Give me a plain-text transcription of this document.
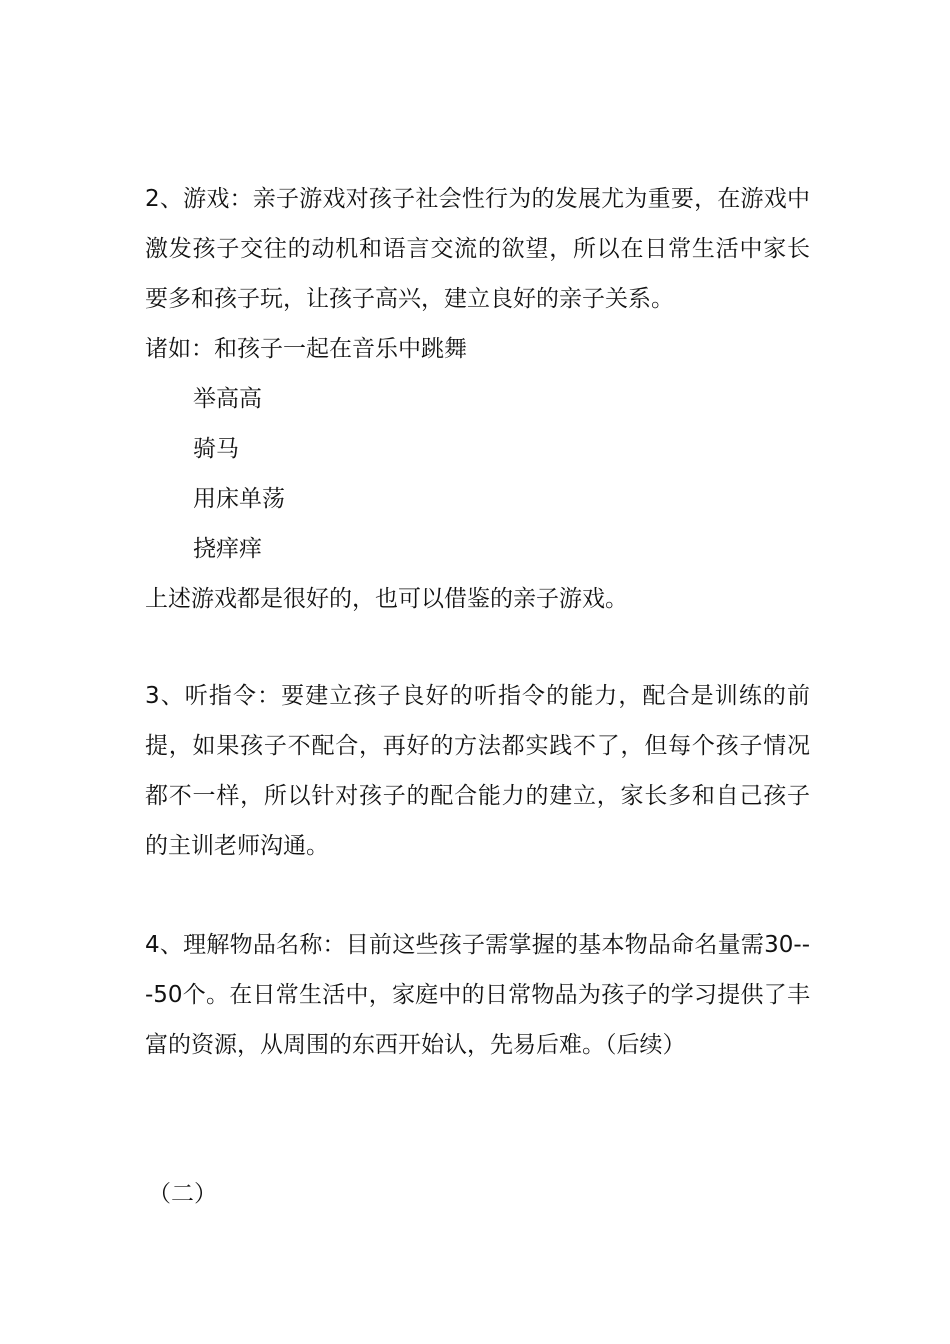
2、游戏：亲子游戏对孩子社会性行为的发展尤为重要，在游戏中激发孩子交往的动机和语言交流的欲望，所以在日常生活中家长要多和孩子玩，让孩子高兴，建立良好的亲子关系。

诸如：和孩子一起在音乐中跳舞

举高高

骑马

用床单荡

挠痒痒

上述游戏都是很好的，也可以借鉴的亲子游戏。

3、听指令：要建立孩子良好的听指令的能力，配合是训练的前提，如果孩子不配合，再好的方法都实践不了，但每个孩子情况都不一样，所以针对孩子的配合能力的建立，家长多和自己孩子的主训老师沟通。

4、理解物品名称：目前这些孩子需掌握的基本物品命名量需30---50个。在日常生活中，家庭中的日常物品为孩子的学习提供了丰富的资源，从周围的东西开始认，先易后难。（后续）

（二）
